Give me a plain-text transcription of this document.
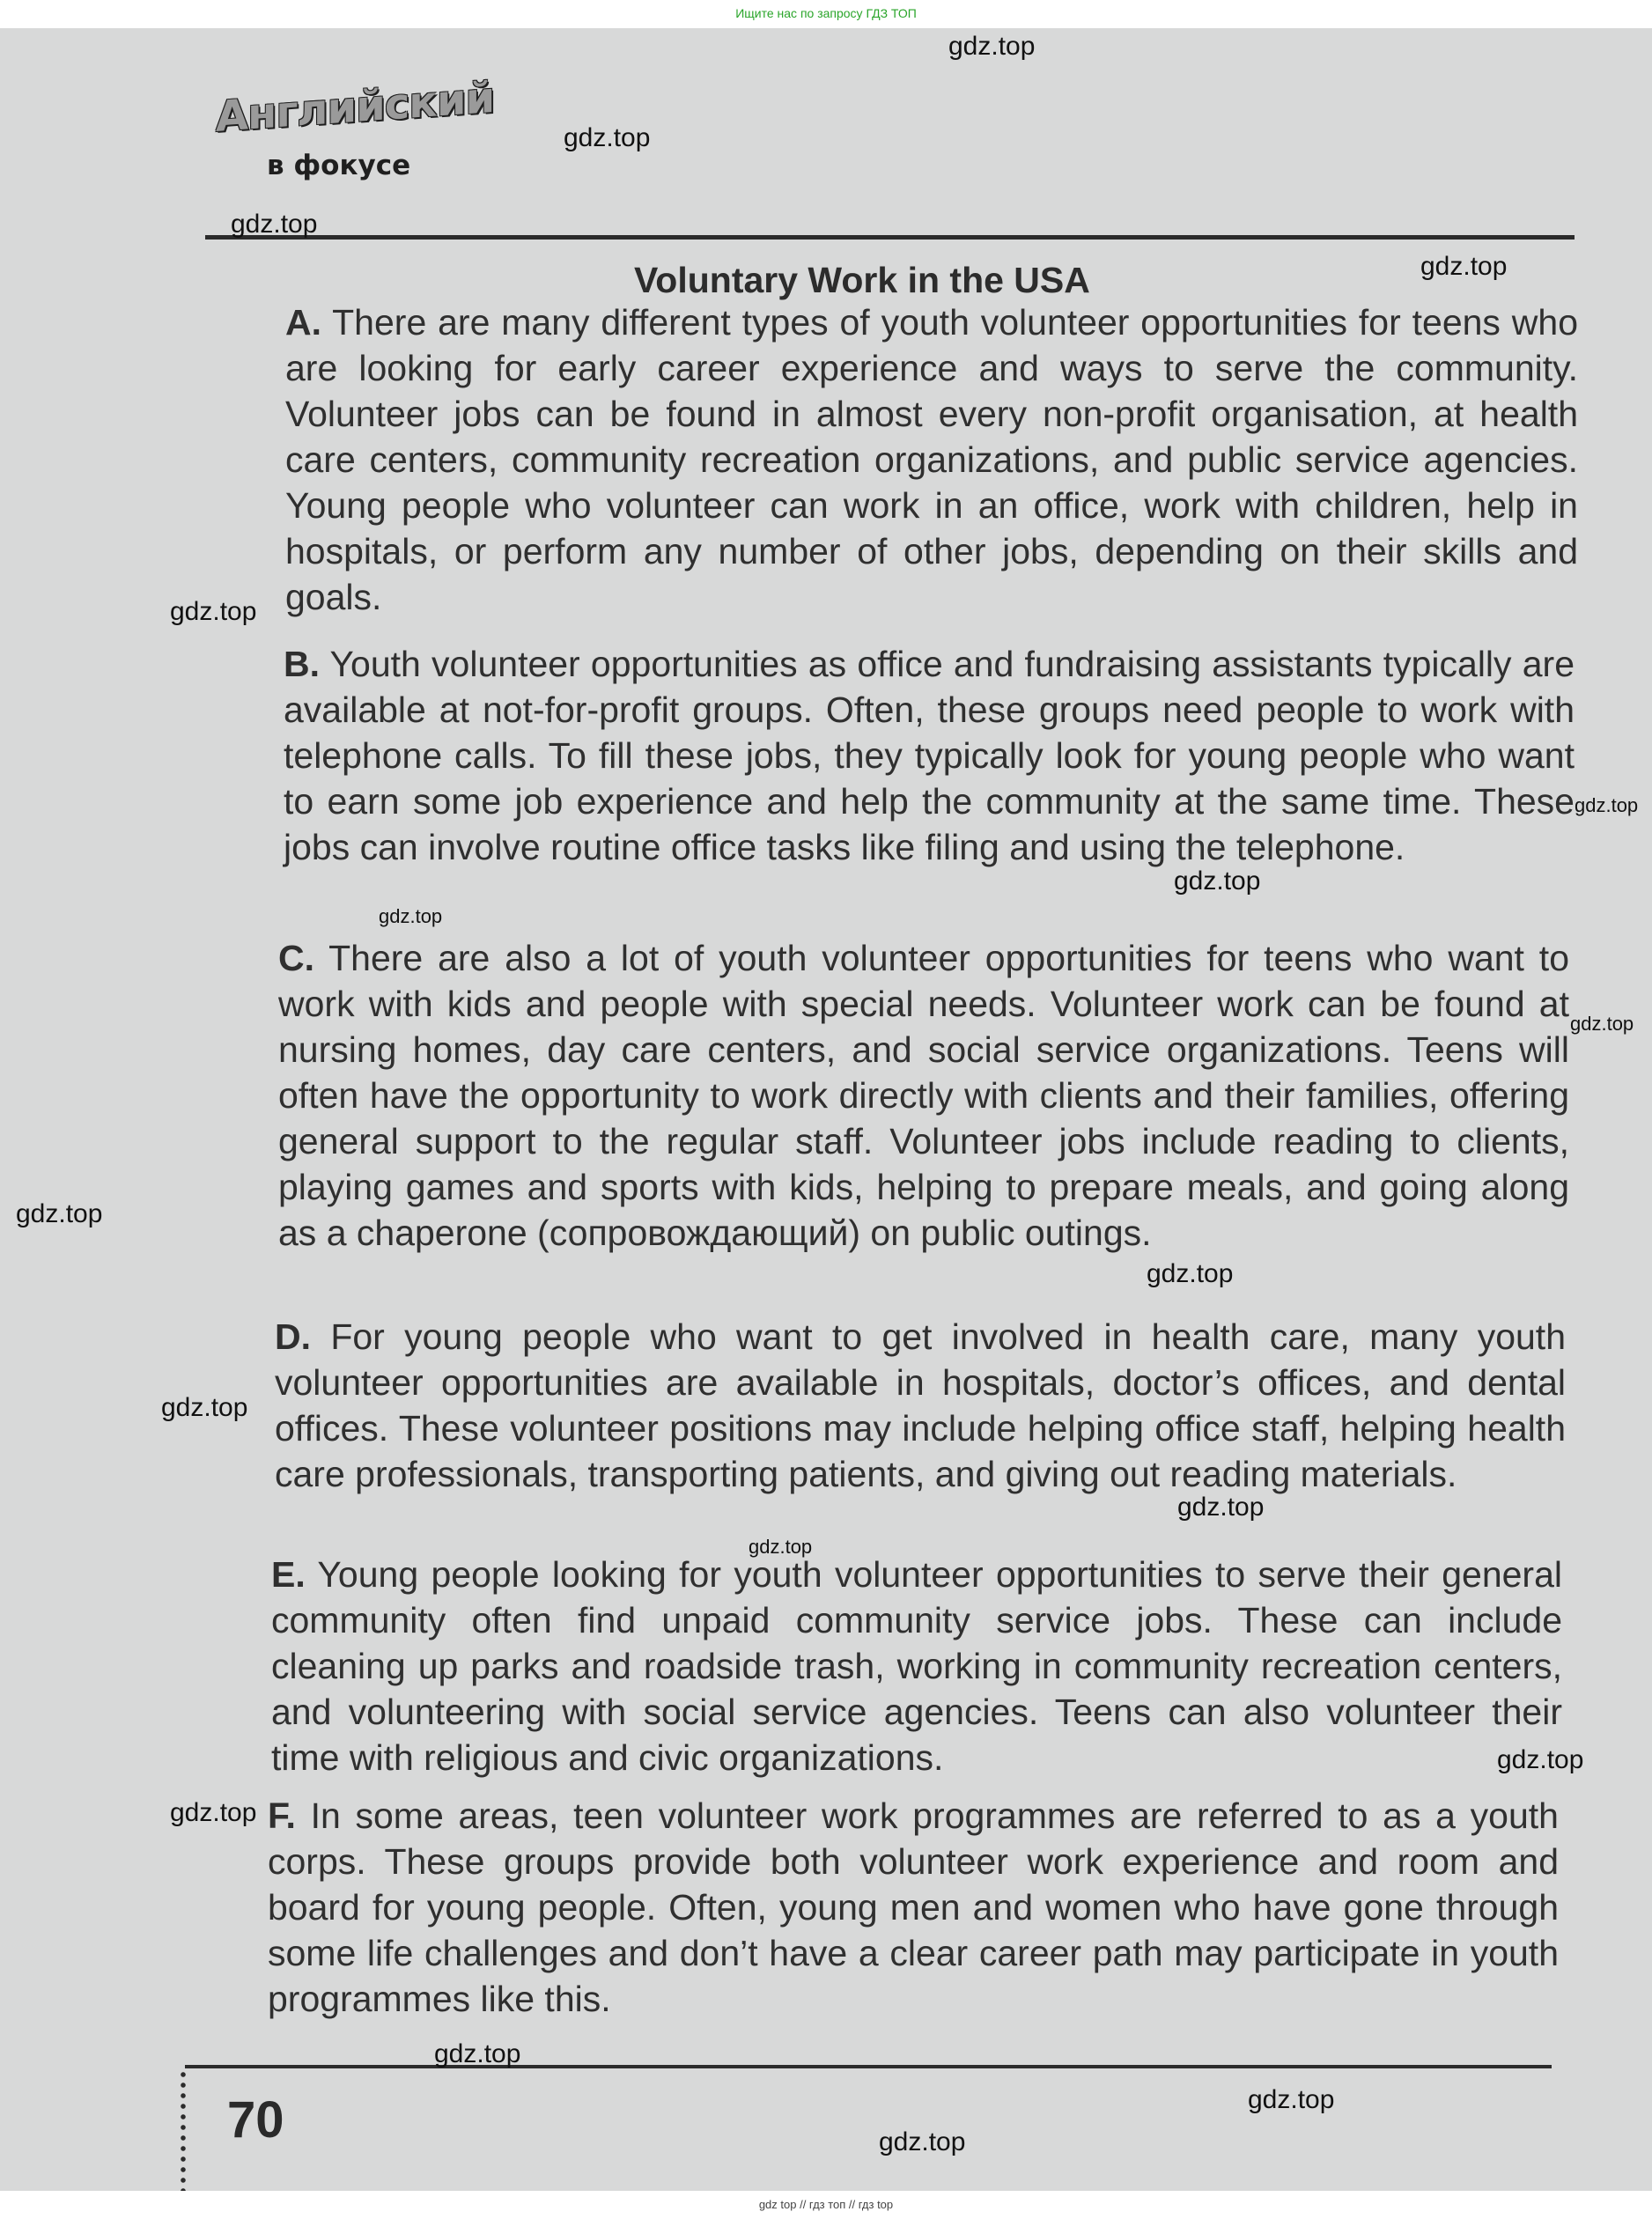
Ищите нас по запросу ГДЗ ТОП
Английский
в фокусе
Voluntary Work in the USA

A. There are many different types of youth volunteer opportunities for teens who are looking for early career experience and ways to serve the community. Volunteer jobs can be found in almost every non-profit organisation, at health care centers, community recreation organizations, and public service agencies. Young people who volunteer can work in an office, work with children, help in hospitals, or perform any number of other jobs, depending on their skills and goals.

B. Youth volunteer opportunities as office and fundraising assistants typically are available at not-for-profit groups. Often, these groups need people to work with telephone calls. To fill these jobs, they typically look for young people who want to earn some job experience and help the community at the same time. These jobs can involve routine office tasks like filing and using the telephone.

C. There are also a lot of youth volunteer opportunities for teens who want to work with kids and people with special needs. Volunteer work can be found at nursing homes, day care centers, and social service organizations. Teens will often have the opportunity to work directly with clients and their families, offering general support to the regular staff. Volunteer jobs include reading to clients, playing games and sports with kids, helping to prepare meals, and going along as a chaperone (сопровождающий) on public outings.

D. For young people who want to get involved in health care, many youth volunteer opportunities are available in hospitals, doctor’s offices, and dental offices. These volunteer positions may include helping office staff, helping health care professionals, transporting patients, and giving out reading materials.

E. Young people looking for youth volunteer opportunities to serve their general community often find unpaid community service jobs. These can include cleaning up parks and roadside trash, working in community recreation centers, and volunteering with social service agencies. Teens can also volunteer their time with religious and civic organizations.

F. In some areas, teen volunteer work programmes are referred to as a youth corps. These groups provide both volunteer work experience and room and board for young people. Often, young men and women who have gone through some life challenges and don’t have a clear career path may participate in youth programmes like this.

70
gdz.top
gdz.top
gdz.top
gdz.top
gdz.top
gdz.top
gdz.top
gdz.top
gdz.top
gdz.top
gdz.top
gdz.top
gdz.top
gdz.top
gdz.top
gdz.top
gdz.top
gdz.top
gdz.top
gdz top // гдз топ // гдз top
